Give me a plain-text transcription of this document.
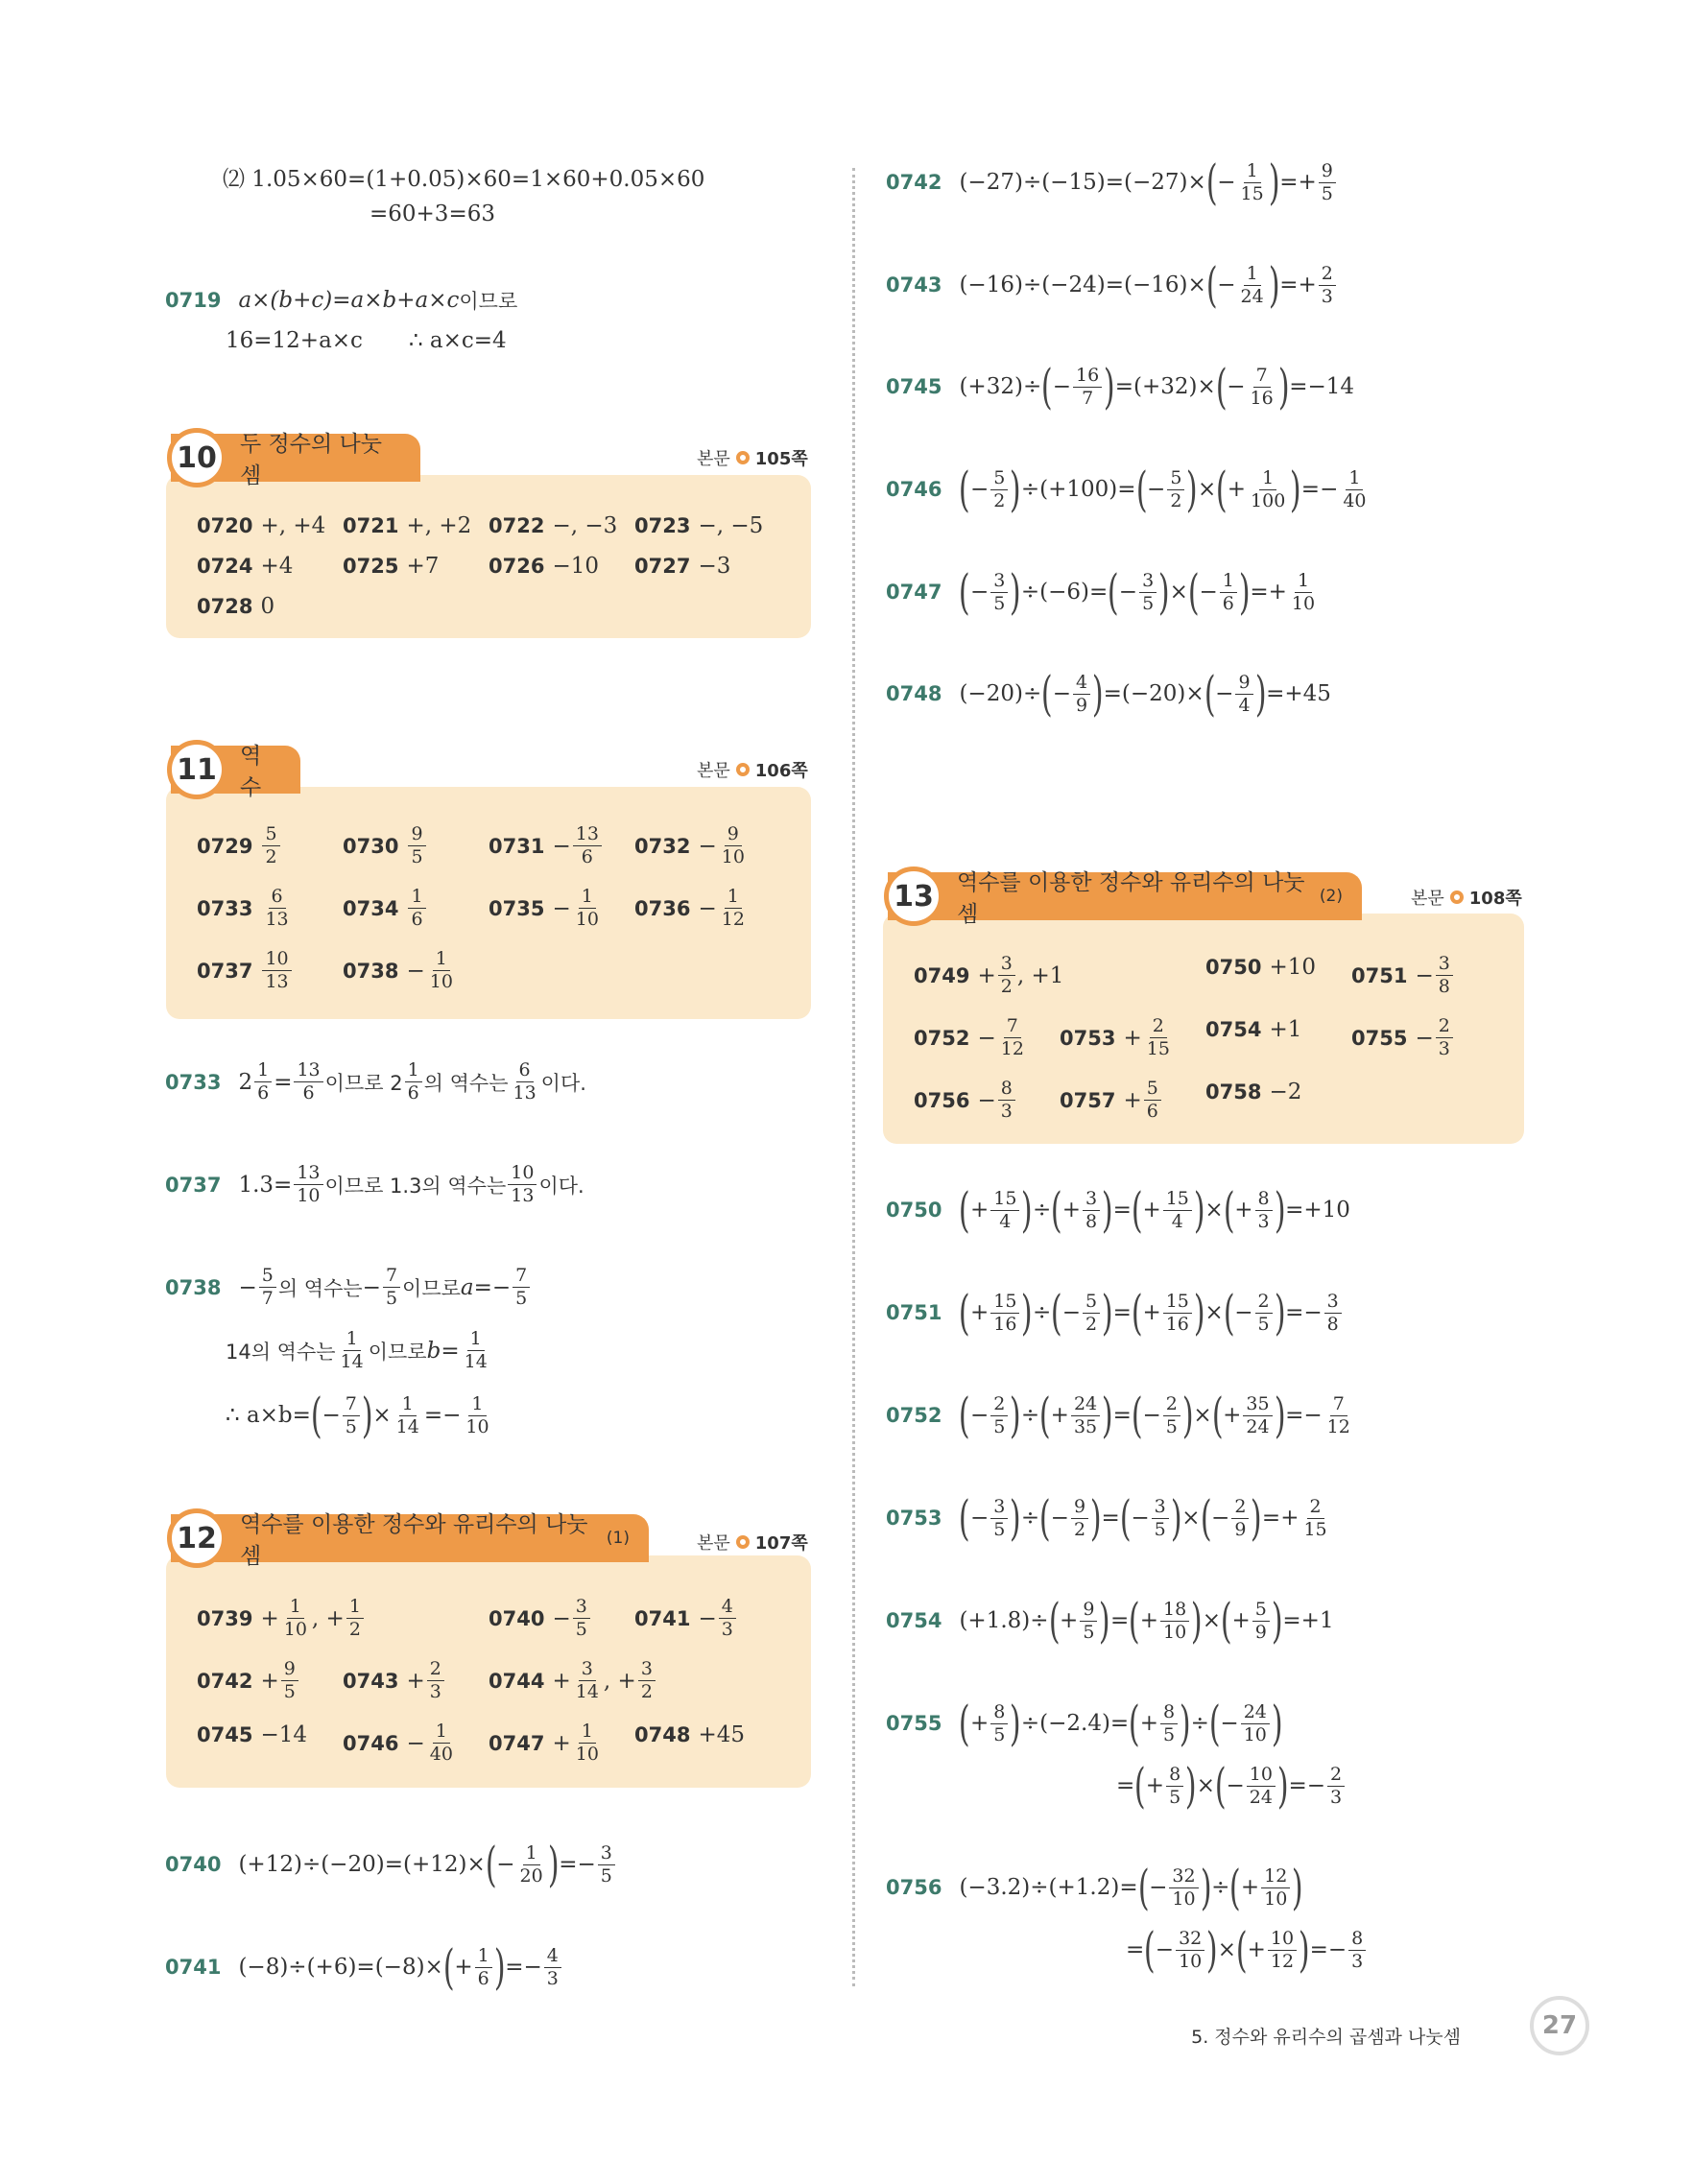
⑵ 1.05×60=(1+0.05)×60=1×60+0.05×60
=60+3=63
0719 a×(b+c)=a×b+a×c 이므로
16=12+a×c ∴ a×c=4
두 정수의 나눗셈
10	본문 105쪽
0720 +, +4 0721 +, +2 0722 −, −3 0723 −, −5
0724 +4 0725 +7 0726 −10 0727 −3
0728 0
역수
11	본문 106쪽
$0729 \frac{5}{2}$	$0730 \frac{9}{5}$	$0731 - \frac{13}{6} 0732 - \frac{9}{10}$
$0733 \frac{6}{13}$	$0734 \frac{1}{6}$	$0735 - \frac{1}{10} 0736 - \frac{1}{12}$
$0737 \frac{10}{13}$	$0738 - \frac{1}{10}$
0733 $2 \frac{1}{6} = \frac{13}{6}$ 이므로 $2 \frac{1}{6}$ 의 역수는 $\frac{6}{13}$ 이다.
0737 $1.3= \frac{13}{10}$ 이므로 1.3의 역수는 $\frac{10}{13}$ 이다.
$0738 - \frac{5}{7}$ 의 역수는 − $\frac{7}{5}$ 이므로 $a =- \frac{7}{5}$
14의 역수는 $\frac{1}{14}$ 이므로 $b = \frac{1}{14}$
∴ a×b= ( − $\frac{7}{5}$ ) × $\frac{1}{14} =- \frac{1}{10}$
역수를 이용한 정수와 유리수의 나눗셈
(1)
12	본문 107쪽
$0739 + \frac{1}{10}$ , + $\frac{1}{2}$	$0740 - \frac{3}{5} 0741 - \frac{4}{3}$
$0742 + \frac{9}{5} 0743 + \frac{2}{3} 0744 + \frac{3}{14}$ , + $\frac{3}{2}$
0745 −14 $0746 - \frac{1}{40} 0747 + \frac{1}{10} 0748 +45$
0740 (+12)÷(−20)=(+12)× ( − $\frac{1}{20}$ ) =− $\frac{3}{5}$
0741 (−8)÷(+6)=(−8)× ( + $\frac{1}{6}$ ) =− $\frac{4}{3}$
0742 (−27)÷(−15)=(−27)× ( − $\frac{1}{15}$ ) =+ $\frac{9}{5}$
0743 (−16)÷(−24)=(−16)× ( − $\frac{1}{24}$ ) =+ $\frac{2}{3}$
0745 (+32)÷ ( − $\frac{16}{7}$ ) =(+32)× ( − $\frac{7}{16}$ ) =−14
0746 ( − $\frac{5}{2}$ ) ÷(+100)= ( − $\frac{5}{2}$ ) × ( + $\frac{1}{100}$ ) =− $\frac{1}{40}$
0747 ( − $\frac{3}{5}$ ) ÷(−6)= ( − $\frac{3}{5}$ ) × ( − $\frac{1}{6}$ ) =+ $\frac{1}{10}$
0748 (−20)÷ ( − $\frac{4}{9}$ ) =(−20)× ( − $\frac{9}{4}$ ) =+45
역수를 이용한 정수와 유리수의 나눗셈
(2)
13	본문 108쪽
$0749 + \frac{3}{2}$ , +1	0750 +10 $0751 - \frac{3}{8}$
$0752 - \frac{7}{12} 0753 + \frac{2}{15} 0754 +1$ $0755 - \frac{2}{3}$
$0756 - \frac{8}{3} 0757 + \frac{5}{6} 0758 -2$
0750 ( + $\frac{15}{4}$ ) ÷ ( + $\frac{3}{8}$ ) = ( + $\frac{15}{4}$ ) × ( + $\frac{8}{3}$ ) =+10
0751 ( + $\frac{15}{16}$ ) ÷ ( − $\frac{5}{2}$ ) = ( + $\frac{15}{16}$ ) × ( − $\frac{2}{5}$ ) =− $\frac{3}{8}$
0752 ( − $\frac{2}{5}$ ) ÷ ( + $\frac{24}{35}$ ) = ( − $\frac{2}{5}$ ) × ( + $\frac{35}{24}$ ) =− $\frac{7}{12}$
0753 ( − $\frac{3}{5}$ ) ÷ ( − $\frac{9}{2}$ ) = ( − $\frac{3}{5}$ ) × ( − $\frac{2}{9}$ ) =+ $\frac{2}{15}$
0754 (+1.8)÷ ( + $\frac{9}{5}$ ) = ( + $\frac{18}{10}$ ) × ( + $\frac{5}{9}$ ) =+1
0755 ( + $\frac{8}{5}$ ) ÷(−2.4)= ( + $\frac{8}{5}$ ) ÷ ( − $\frac{24}{10}$ )
= ( + $\frac{8}{5}$ ) × ( − $\frac{10}{24}$ ) =− $\frac{2}{3}$
0756 (−3.2)÷(+1.2)= ( − $\frac{32}{10}$ ) ÷ ( + $\frac{12}{10}$ )
= ( − $\frac{32}{10}$ ) × ( + $\frac{10}{12}$ ) =− $\frac{8}{3}$
5. 정수와 유리수의 곱셈과 나눗셈	27
